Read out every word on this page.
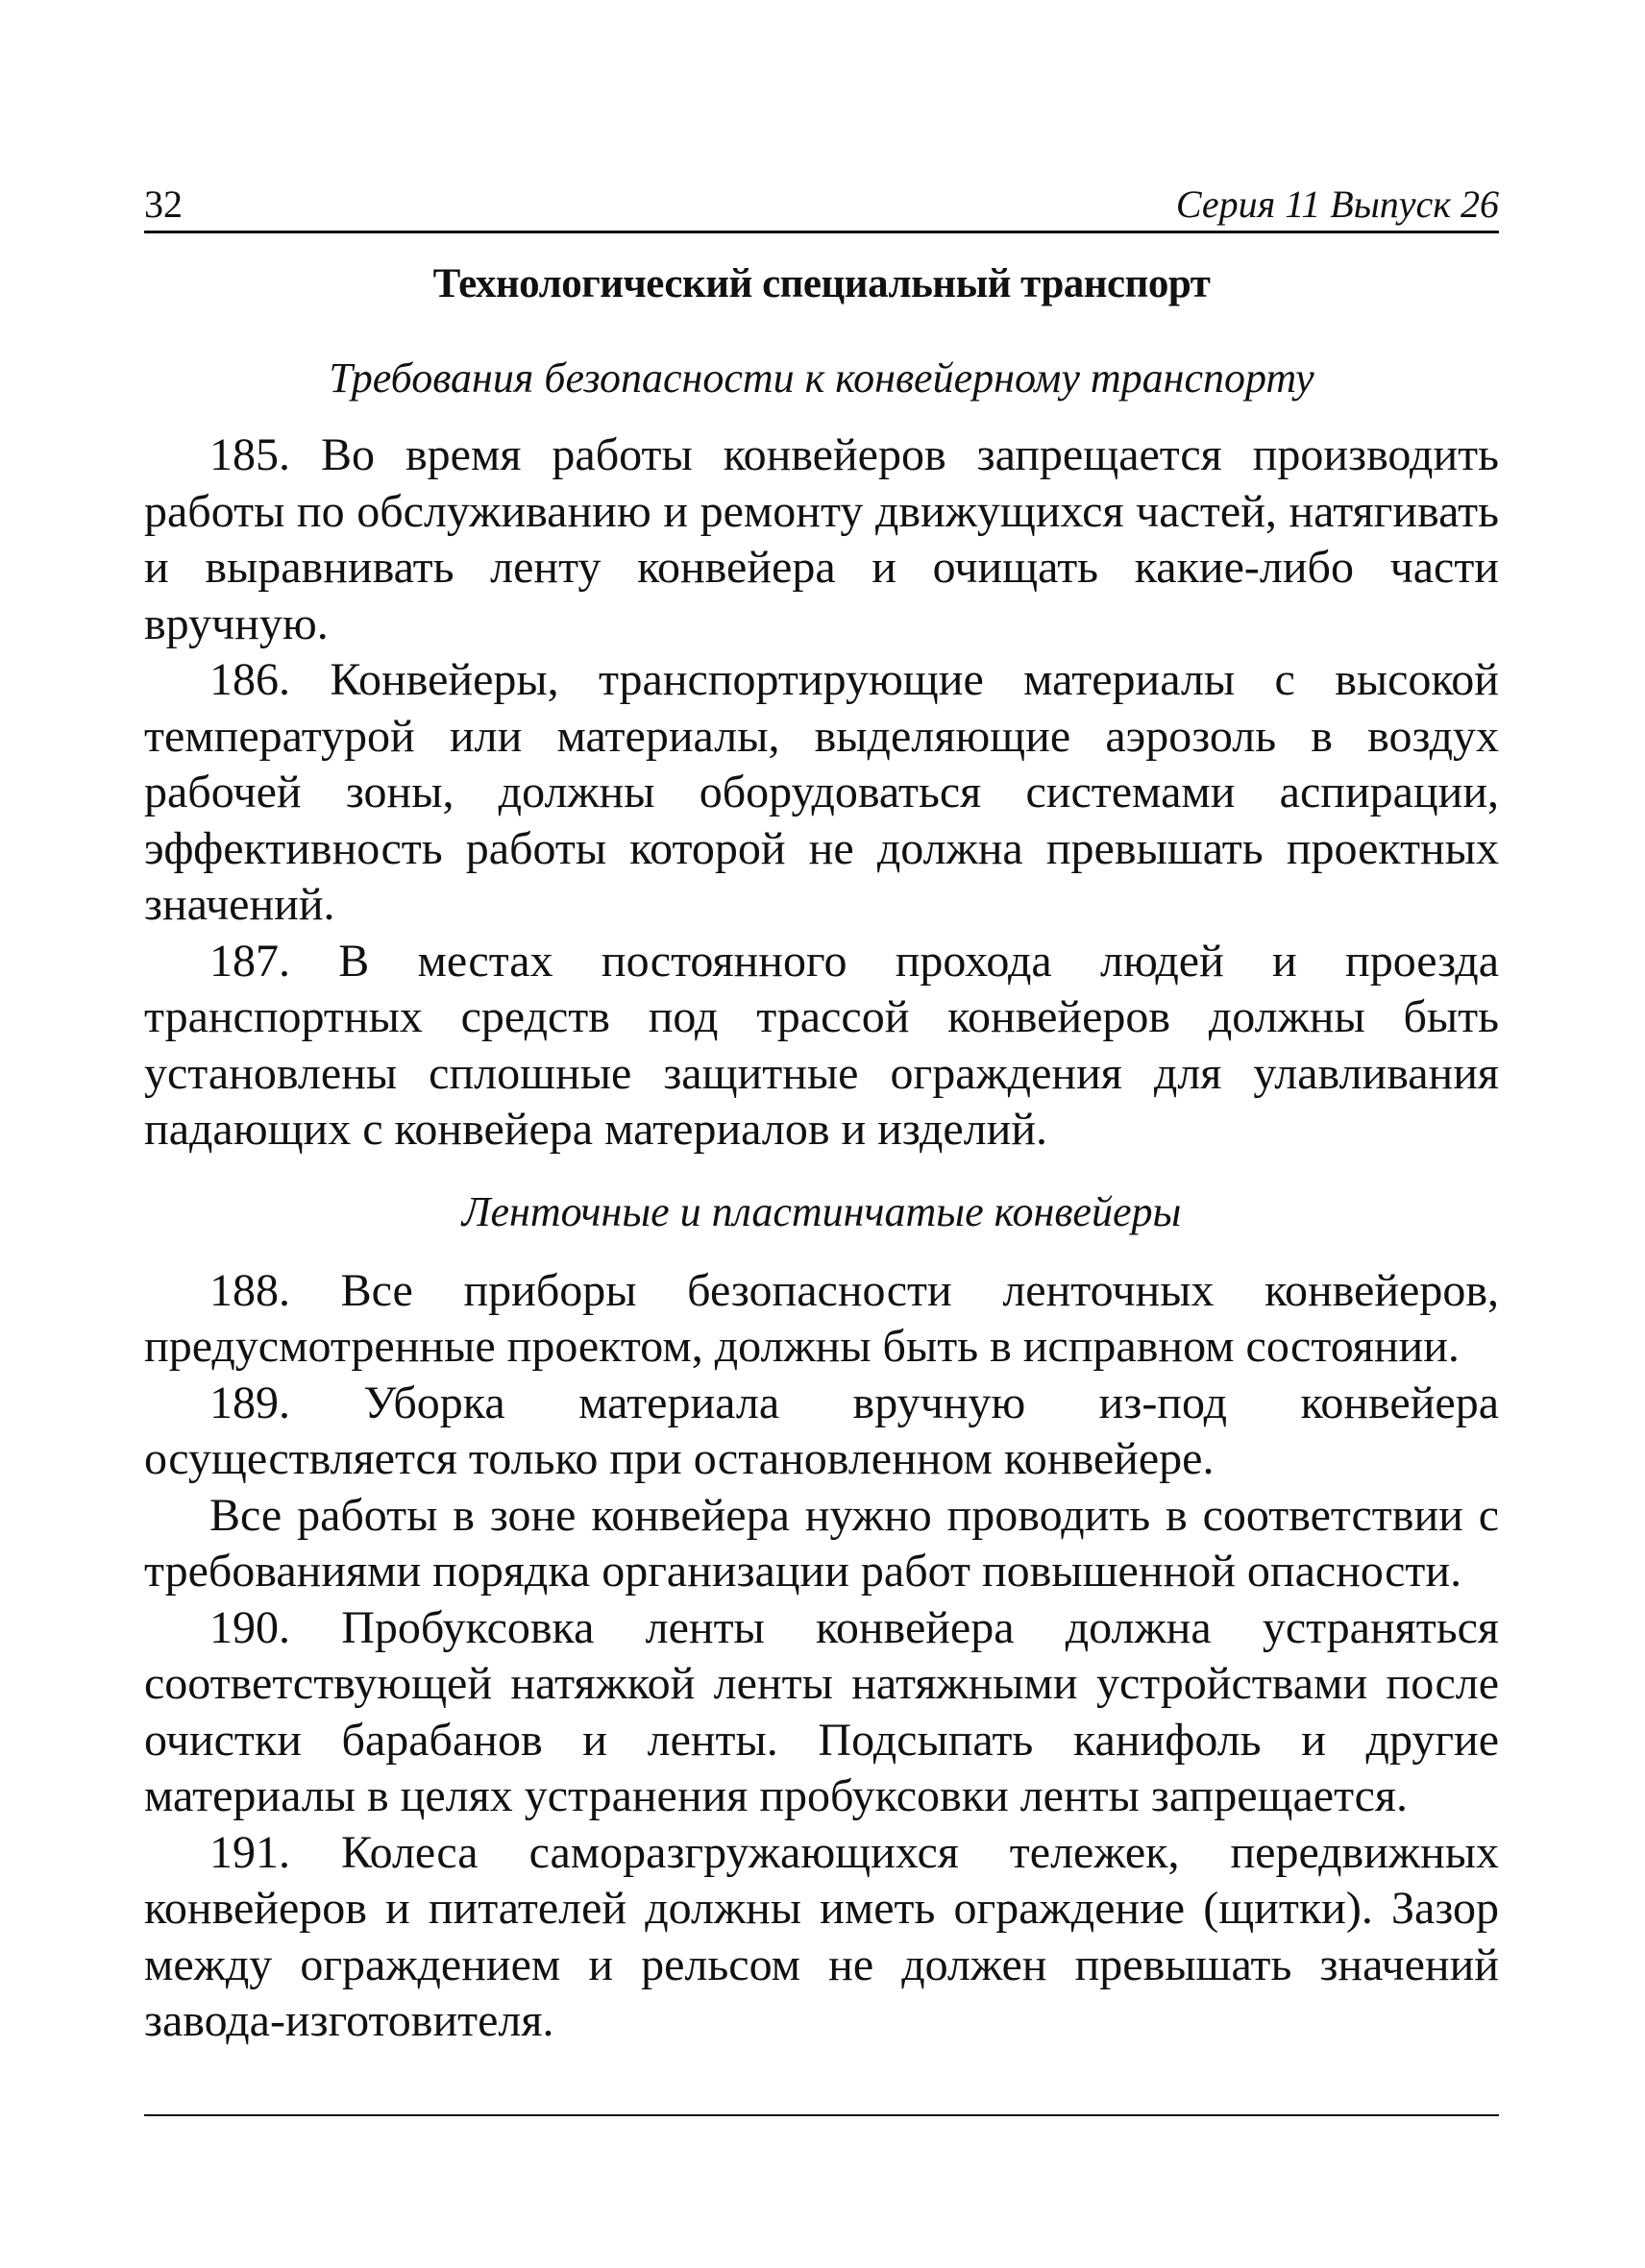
32	Серия 11 Выпуск 26
Технологический специальный транспорт
Требования безопасности к конвейерному транспорту

185. Во время работы конвейеров запрещается производить работы по обслуживанию и ремонту движущихся частей, натягивать и выравнивать ленту конвейера и очищать какие-либо части вручную.

186. Конвейеры, транспортирующие материалы с высокой температурой или материалы, выделяющие аэрозоль в воздух рабочей зоны, должны оборудоваться системами аспирации, эффективность работы которой не должна превышать проектных значений.

187. В местах постоянного прохода людей и проезда транспортных средств под трассой конвейеров должны быть установлены сплошные защитные ограждения для улавливания падающих с конвейера материалов и изделий.

Ленточные и пластинчатые конвейеры

188. Все приборы безопасности ленточных конвейеров, предусмотренные проектом, должны быть в исправном состоянии.

189. Уборка материала вручную из-под конвейера осуществляется только при остановленном конвейере.

Все работы в зоне конвейера нужно проводить в соответствии с требованиями порядка организации работ повышенной опасности.

190. Пробуксовка ленты конвейера должна устраняться соответствующей натяжкой ленты натяжными устройствами после очистки барабанов и ленты. Подсыпать канифоль и другие материалы в целях устранения пробуксовки ленты запрещается.

191. Колеса саморазгружающихся тележек, передвижных конвейеров и питателей должны иметь ограждение (щитки). Зазор между ограждением и рельсом не должен превышать значений завода-изготовителя.
